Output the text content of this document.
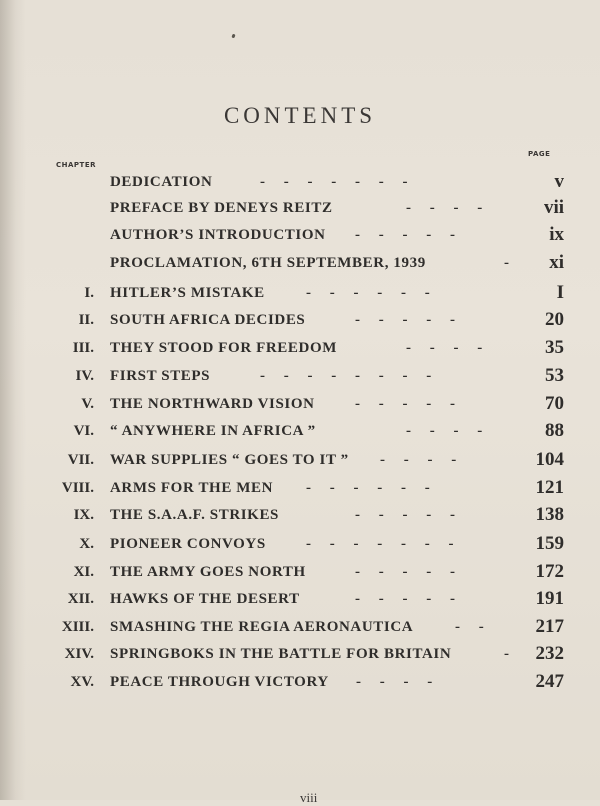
CONTENTS
CHAPTER
PAGE
DEDICATION	-     -     -     -     -     -     -	v
PREFACE BY DENEYS REITZ	-     -     -     -	vii
AUTHOR’S INTRODUCTION -     -     -     -     -	ix
PROCLAMATION, 6TH SEPTEMBER, 1939	- xi
I. HITLER’S MISTAKE	-     -     -     -     -     -	I
II. SOUTH AFRICA DECIDES	-     -     -     -     -	20
III. THEY STOOD FOR FREEDOM	-     -     -     -	35
IV. FIRST STEPS	-     -     -     -     -     -     -     -	53
V. THE NORTHWARD VISION	-     -     -     -     -	70
VI. “ ANYWHERE IN AFRICA ”	-     -     -     -	88
VII. WAR SUPPLIES “ GOES TO IT ” -     -     -     -	104
VIII. ARMS FOR THE MEN -     -     -     -     -     -	121
IX. THE S.A.A.F. STRIKES	-     -     -     -     -	138
X. PIONEER CONVOYS	-     -     -     -     -     -     -	159
XI. THE ARMY GOES NORTH	-     -     -     -     -	172
XII. HAWKS OF THE DESERT	-     -     -     -     -	191
XIII. SMASHING THE REGIA AERONAUTICA	-     -	217
XIV. SPRINGBOKS IN THE BATTLE FOR BRITAIN	- 232
XV. PEACE THROUGH VICTORY -     -     -     -	247
viii
